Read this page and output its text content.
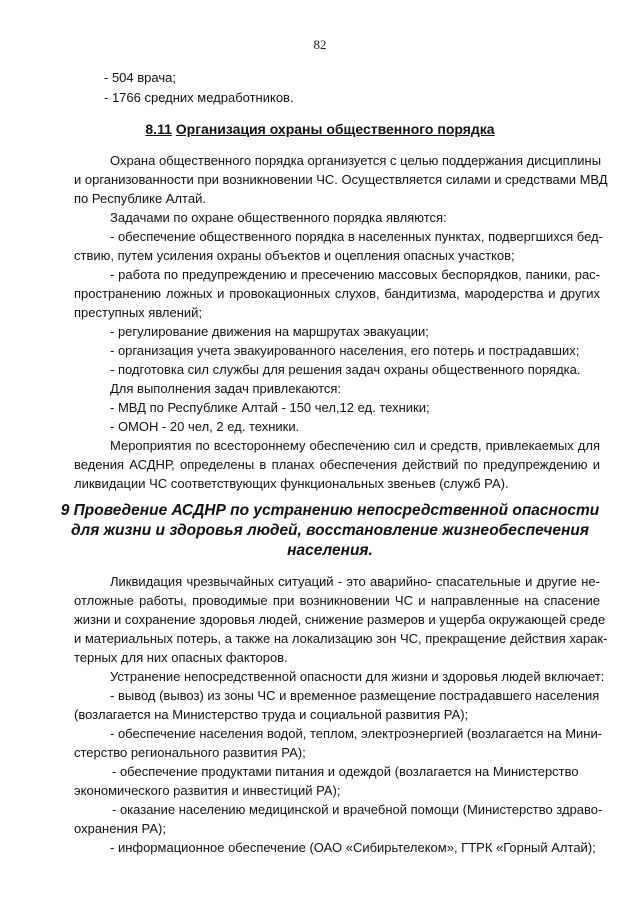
82
- 504 врача;
- 1766 средних медработников.
8.11 Организация охраны общественного порядка
Охрана общественного порядка организуется с целью поддержания дисциплины
и организованности при возникновении ЧС. Осуществляется силами и средствами МВД
по Республике Алтай.
Задачами по охране общественного порядка являются:
- обеспечение общественного порядка в населенных пунктах, подвергшихся бед-
ствию, путем усиления охраны объектов и оцепления опасных участков;
- работа по предупреждению и пресечению массовых беспорядков, паники, рас-
пространению ложных и провокационных слухов, бандитизма, мародерства и других
преступных явлений;
- регулирование движения на маршрутах эвакуации;
- организация учета эвакуированного населения, его потерь и пострадавших;
- подготовка сил службы для решения задач охраны общественного порядка.
Для выполнения задач привлекаются:
- МВД по Республике Алтай - 150 чел,12 ед. техники;
- ОМОН - 20 чел, 2 ед. техники.
Мероприятия по всестороннему обеспечению сил и средств, привлекаемых для
ведения АСДНР, определены в планах обеспечения действий по предупреждению и
ликвидации ЧС соответствующих функциональных звеньев (служб РА).
9 Проведение АСДНР по устранению непосредственной опасности
для жизни и здоровья людей, восстановление жизнеобеспечения
населения.
Ликвидация чрезвычайных ситуаций - это аварийно- спасательные и другие не-
отложные работы, проводимые при возникновении ЧС и направленные на спасение
жизни и сохранение здоровья людей, снижение размеров и ущерба окружающей среде
и материальных потерь, а также на локализацию зон ЧС, прекращение действия харак-
терных для них опасных факторов.
Устранение непосредственной опасности для жизни и здоровья людей включает:
- вывод (вывоз) из зоны ЧС и временное размещение пострадавшего населения
(возлагается на Министерство труда и социальной развития РА);
- обеспечение населения водой, теплом, электроэнергией (возлагается на Мини-
стерство регионального развития РА);
- обеспечение продуктами питания и одеждой (возлагается на Министерство
экономического развития и инвестиций РА);
- оказание населению медицинской и врачебной помощи (Министерство здраво-
охранения РА);
- информационное обеспечение (ОАО «Сибирьтелеком», ГТРК «Горный Алтай);
